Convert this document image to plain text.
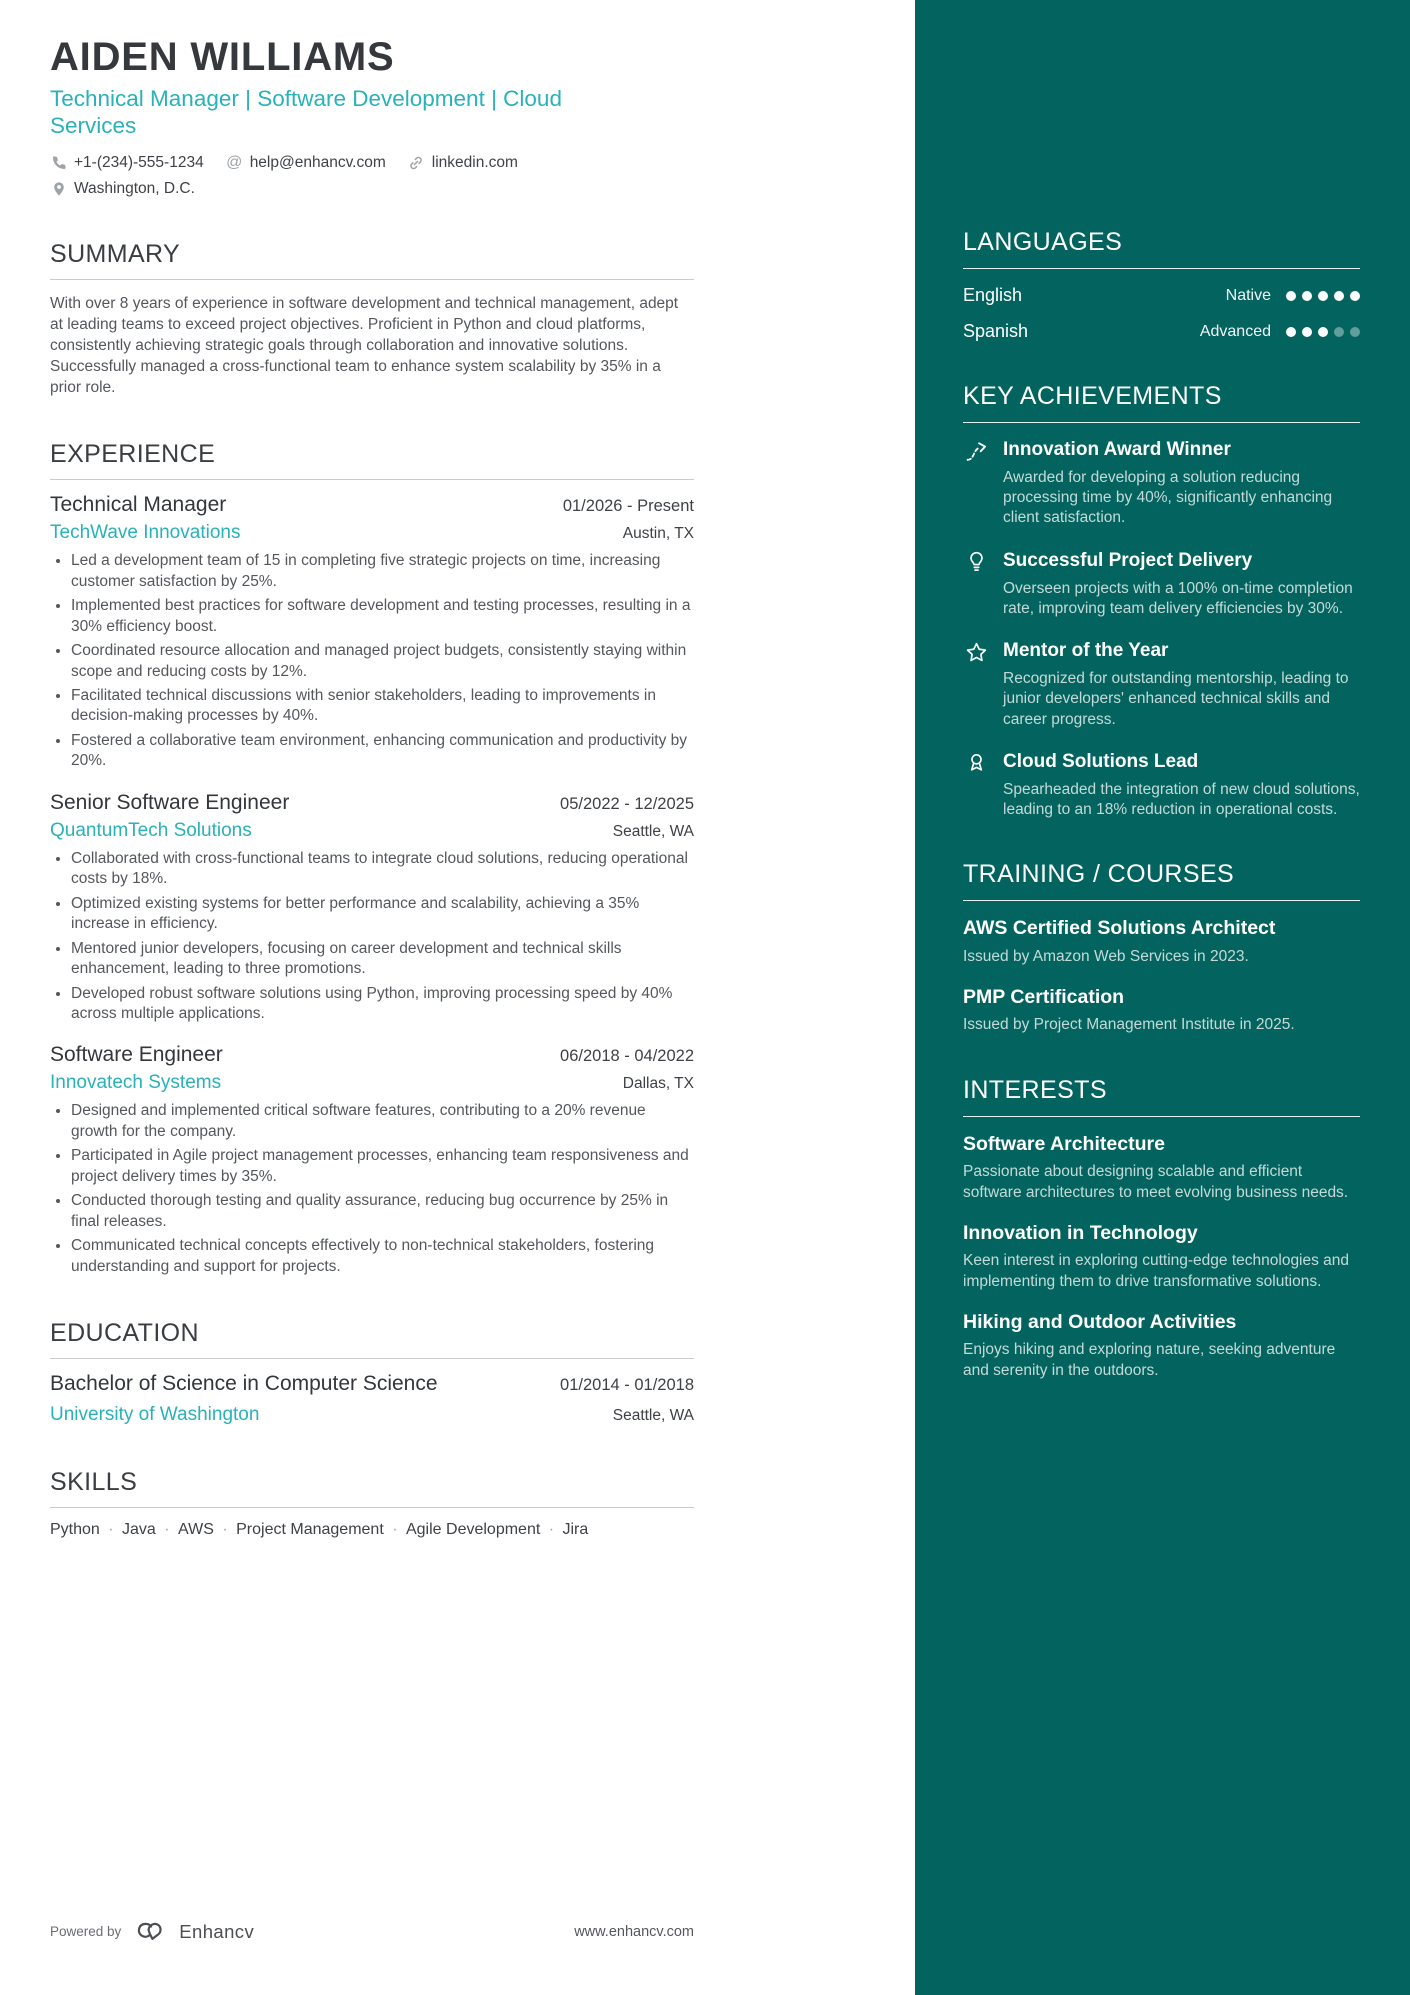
AIDEN WILLIAMS
Technical Manager | Software Development | Cloud Services
+1-(234)-555-1234 @ help@enhancv.com	linkedin.com
Washington, D.C.
SUMMARY

With over 8 years of experience in software development and technical management, adept at leading teams to exceed project objectives. Proficient in Python and cloud platforms, consistently achieving strategic goals through collaboration and innovative solutions. Successfully managed a cross-functional team to enhance system scalability by 35% in a prior role.

EXPERIENCE
Technical Manager	01/2026 - Present
TechWave Innovations	Austin, TX
• Led a development team of 15 in completing five strategic projects on time, increasing customer satisfaction by 25%.
• Implemented best practices for software development and testing processes, resulting in a 30% efficiency boost.
• Coordinated resource allocation and managed project budgets, consistently staying within scope and reducing costs by 12%.
• Facilitated technical discussions with senior stakeholders, leading to improvements in decision-making processes by 40%.
• Fostered a collaborative team environment, enhancing communication and productivity by 20%.
Senior Software Engineer	05/2022 - 12/2025
QuantumTech Solutions	Seattle, WA
• Collaborated with cross-functional teams to integrate cloud solutions, reducing operational costs by 18%.
• Optimized existing systems for better performance and scalability, achieving a 35% increase in efficiency.
• Mentored junior developers, focusing on career development and technical skills enhancement, leading to three promotions.
• Developed robust software solutions using Python, improving processing speed by 40% across multiple applications.
Software Engineer	06/2018 - 04/2022
Innovatech Systems	Dallas, TX
• Designed and implemented critical software features, contributing to a 20% revenue growth for the company.
• Participated in Agile project management processes, enhancing team responsiveness and project delivery times by 35%.
• Conducted thorough testing and quality assurance, reducing bug occurrence by 25% in final releases.
• Communicated technical concepts effectively to non-technical stakeholders, fostering understanding and support for projects.
EDUCATION
Bachelor of Science in Computer Science	01/2014 - 01/2018
University of Washington	Seattle, WA
SKILLS
Python · Java · AWS · Project Management · Agile Development · Jira
LANGUAGES
English	Native
Spanish	Advanced
KEY ACHIEVEMENTS
Innovation Award Winner

Awarded for developing a solution reducing processing time by 40%, significantly enhancing client satisfaction.

Successful Project Delivery

Overseen projects with a 100% on-time completion rate, improving team delivery efficiencies by 30%.

Mentor of the Year

Recognized for outstanding mentorship, leading to junior developers' enhanced technical skills and career progress.

Cloud Solutions Lead

Spearheaded the integration of new cloud solutions, leading to an 18% reduction in operational costs.

TRAINING / COURSES
AWS Certified Solutions Architect

Issued by Amazon Web Services in 2023.

PMP Certification

Issued by Project Management Institute in 2025.

INTERESTS
Software Architecture

Passionate about designing scalable and efficient software architectures to meet evolving business needs.

Innovation in Technology

Keen interest in exploring cutting-edge technologies and implementing them to drive transformative solutions.

Hiking and Outdoor Activities

Enjoys hiking and exploring nature, seeking adventure and serenity in the outdoors.

Powered by	Enhancv	www.enhancv.com
